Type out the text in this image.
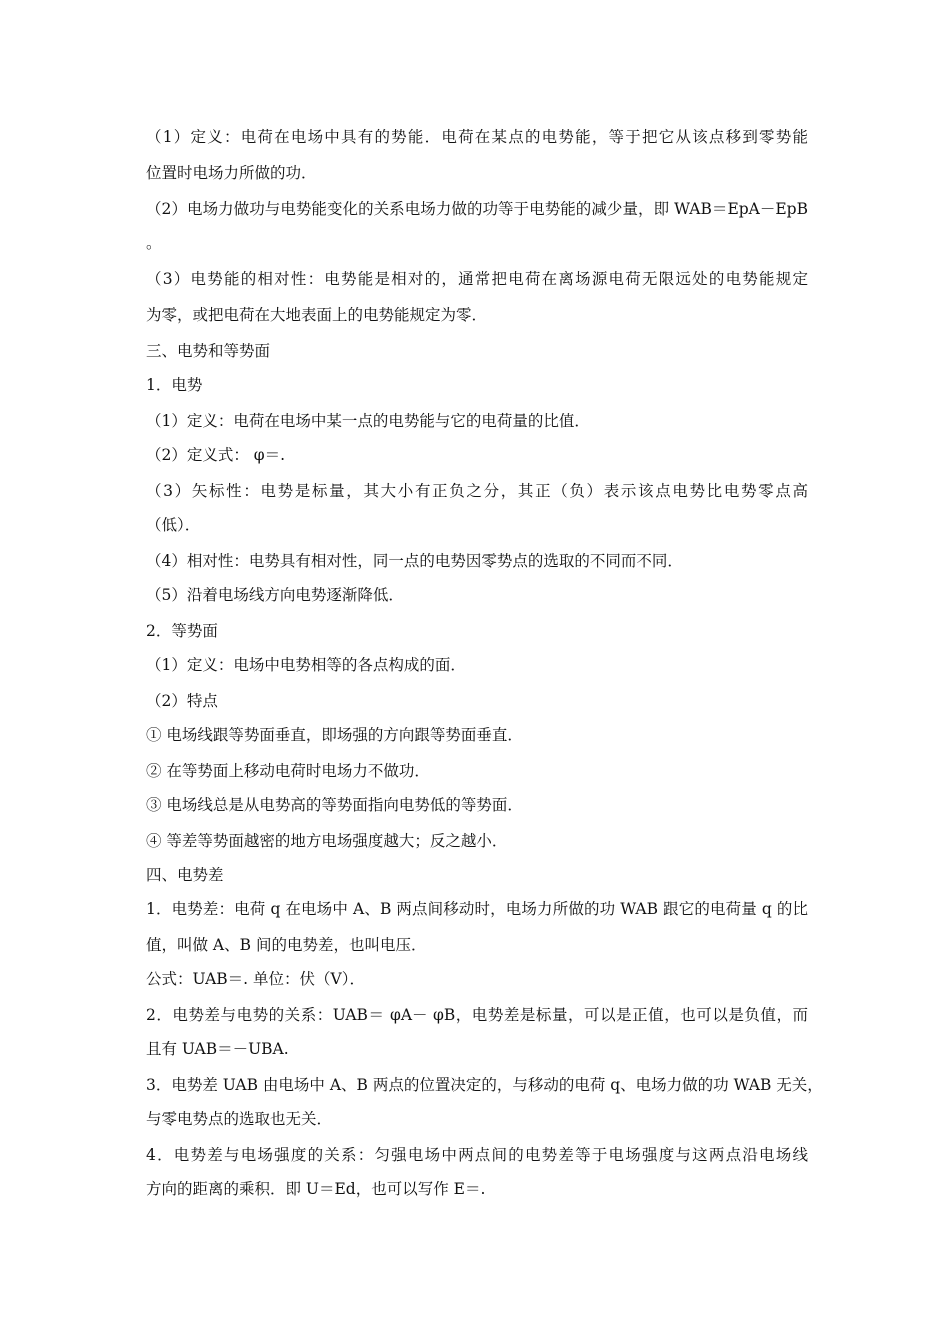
（1）定义：电荷在电场中具有的势能．电荷在某点的电势能，等于把它从该点移到零势能
位置时电场力所做的功．
（2）电场力做功与电势能变化的关系电场力做的功等于电势能的减少量，即 WAB＝EpA－EpB
。
（3）电势能的相对性：电势能是相对的，通常把电荷在离场源电荷无限远处的电势能规定
为零，或把电荷在大地表面上的电势能规定为零．
三、电势和等势面
1．电势
（1）定义：电荷在电场中某一点的电势能与它的电荷量的比值．
（2）定义式： φ＝.
（3）矢标性：电势是标量，其大小有正负之分，其正（负）表示该点电势比电势零点高
（低）．
（4）相对性：电势具有相对性，同一点的电势因零势点的选取的不同而不同．
（5）沿着电场线方向电势逐渐降低．
2．等势面
（1）定义：电场中电势相等的各点构成的面．
（2）特点
① 电场线跟等势面垂直，即场强的方向跟等势面垂直．
② 在等势面上移动电荷时电场力不做功．
③ 电场线总是从电势高的等势面指向电势低的等势面．
④ 等差等势面越密的地方电场强度越大；反之越小．
四、电势差
1．电势差：电荷 q 在电场中 A、B 两点间移动时，电场力所做的功 WAB 跟它的电荷量 q 的比
值，叫做 A、B 间的电势差，也叫电压．
公式：UAB＝. 单位：伏（V）．
2．电势差与电势的关系：UAB＝ φA－ φB，电势差是标量，可以是正值，也可以是负值，而
且有 UAB＝－UBA.
3．电势差 UAB 由电场中 A、B 两点的位置决定的，与移动的电荷 q、电场力做的功 WAB 无关，
与零电势点的选取也无关．
4．电势差与电场强度的关系：匀强电场中两点间的电势差等于电场强度与这两点沿电场线
方向的距离的乘积．即 U＝Ed，也可以写作 E＝.
